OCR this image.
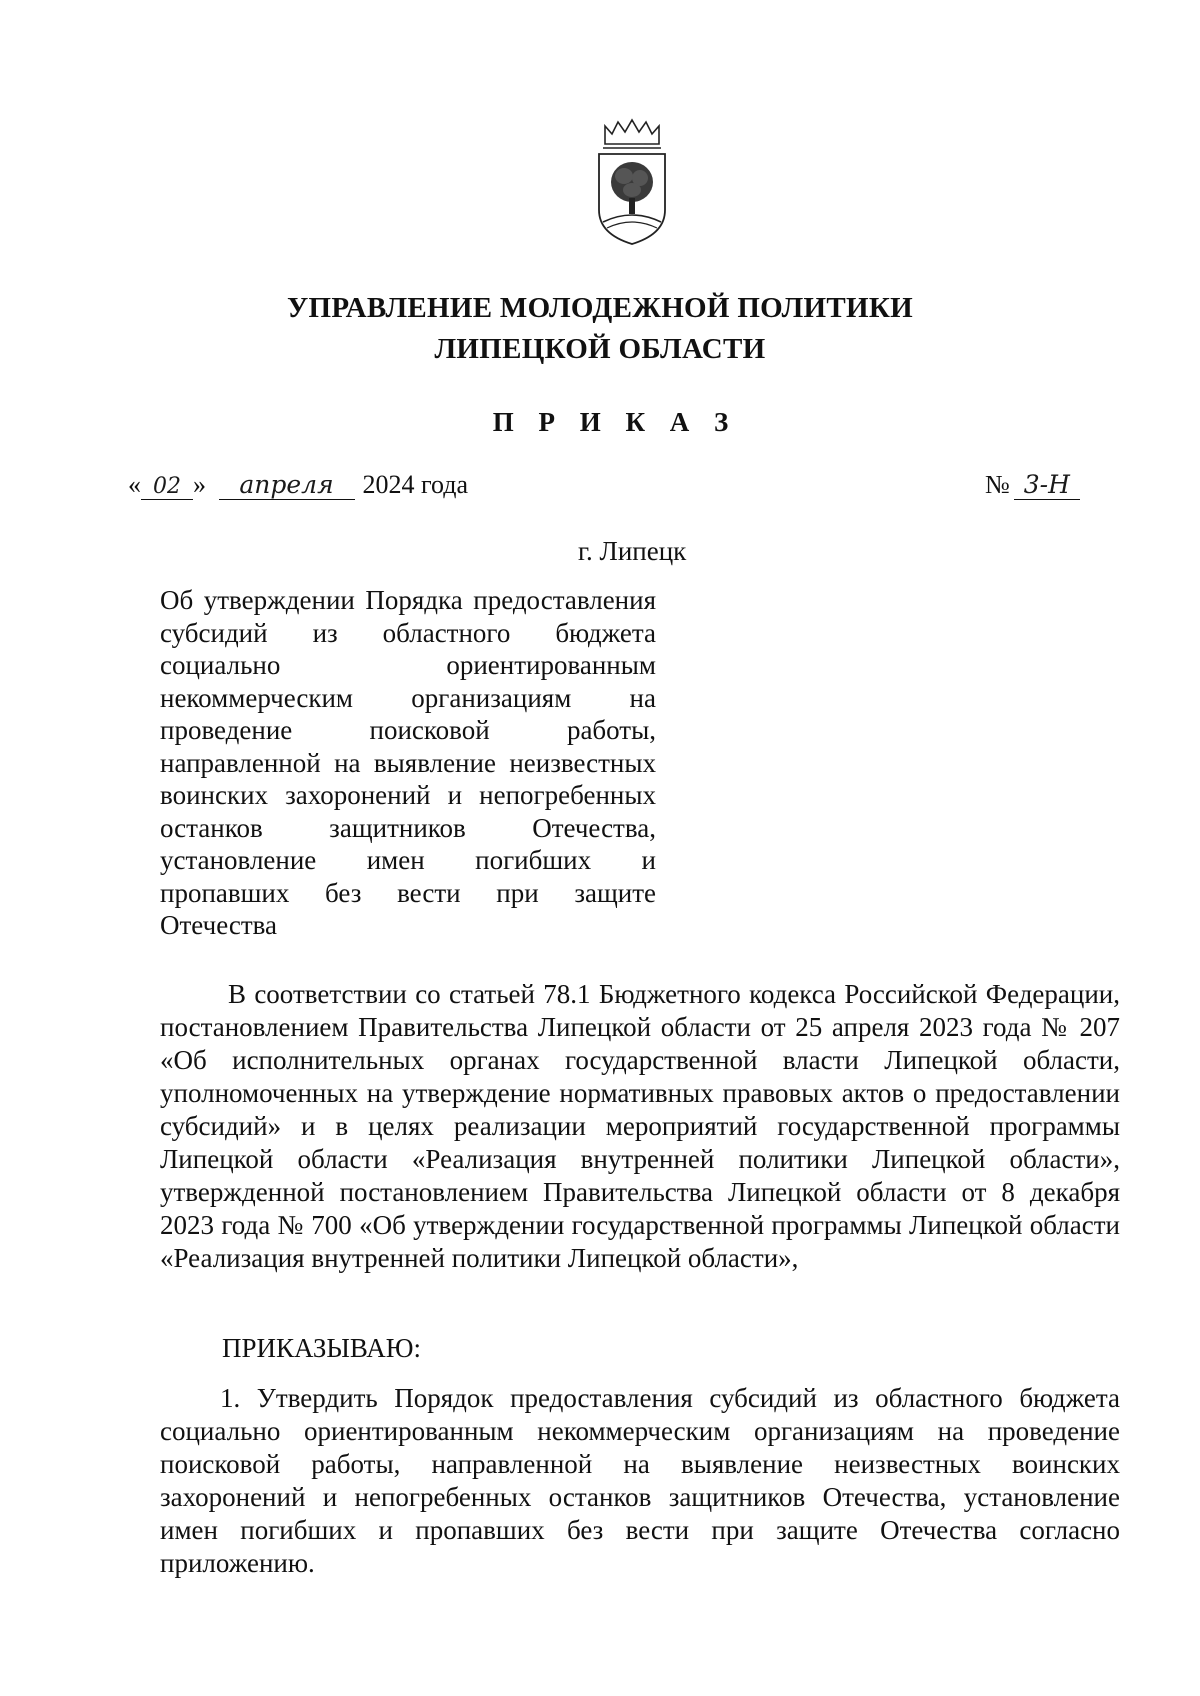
УПРАВЛЕНИЕ МОЛОДЕЖНОЙ ПОЛИТИКИ
ЛИПЕЦКОЙ ОБЛАСТИ
П Р И К А З
« 02 » апреля 2024 года	№ 3-Н
г. Липецк
Об утверждении Порядка предоставления субсидий из областного бюджета социально ориентированным некоммерческим организациям на проведение поисковой работы, направленной на выявление неизвестных воинских захоронений и непогребенных останков защитников Отечества, установление имен погибших и пропавших без вести при защите Отечества
В соответствии со статьей 78.1 Бюджетного кодекса Российской Федерации, постановлением Правительства Липецкой области от 25 апреля 2023 года № 207 «Об исполнительных органах государственной власти Липецкой области, уполномоченных на утверждение нормативных правовых актов о предоставлении субсидий» и в целях реализации мероприятий государственной программы Липецкой области «Реализация внутренней политики Липецкой области», утвержденной постановлением Правительства Липецкой области от 8 декабря 2023 года № 700 «Об утверждении государственной программы Липецкой области «Реализация внутренней политики Липецкой области»,
ПРИКАЗЫВАЮ:
1. Утвердить Порядок предоставления субсидий из областного бюджета социально ориентированным некоммерческим организациям на проведение поисковой работы, направленной на выявление неизвестных воинских захоронений и непогребенных останков защитников Отечества, установление имен погибших и пропавших без вести при защите Отечества согласно приложению.
